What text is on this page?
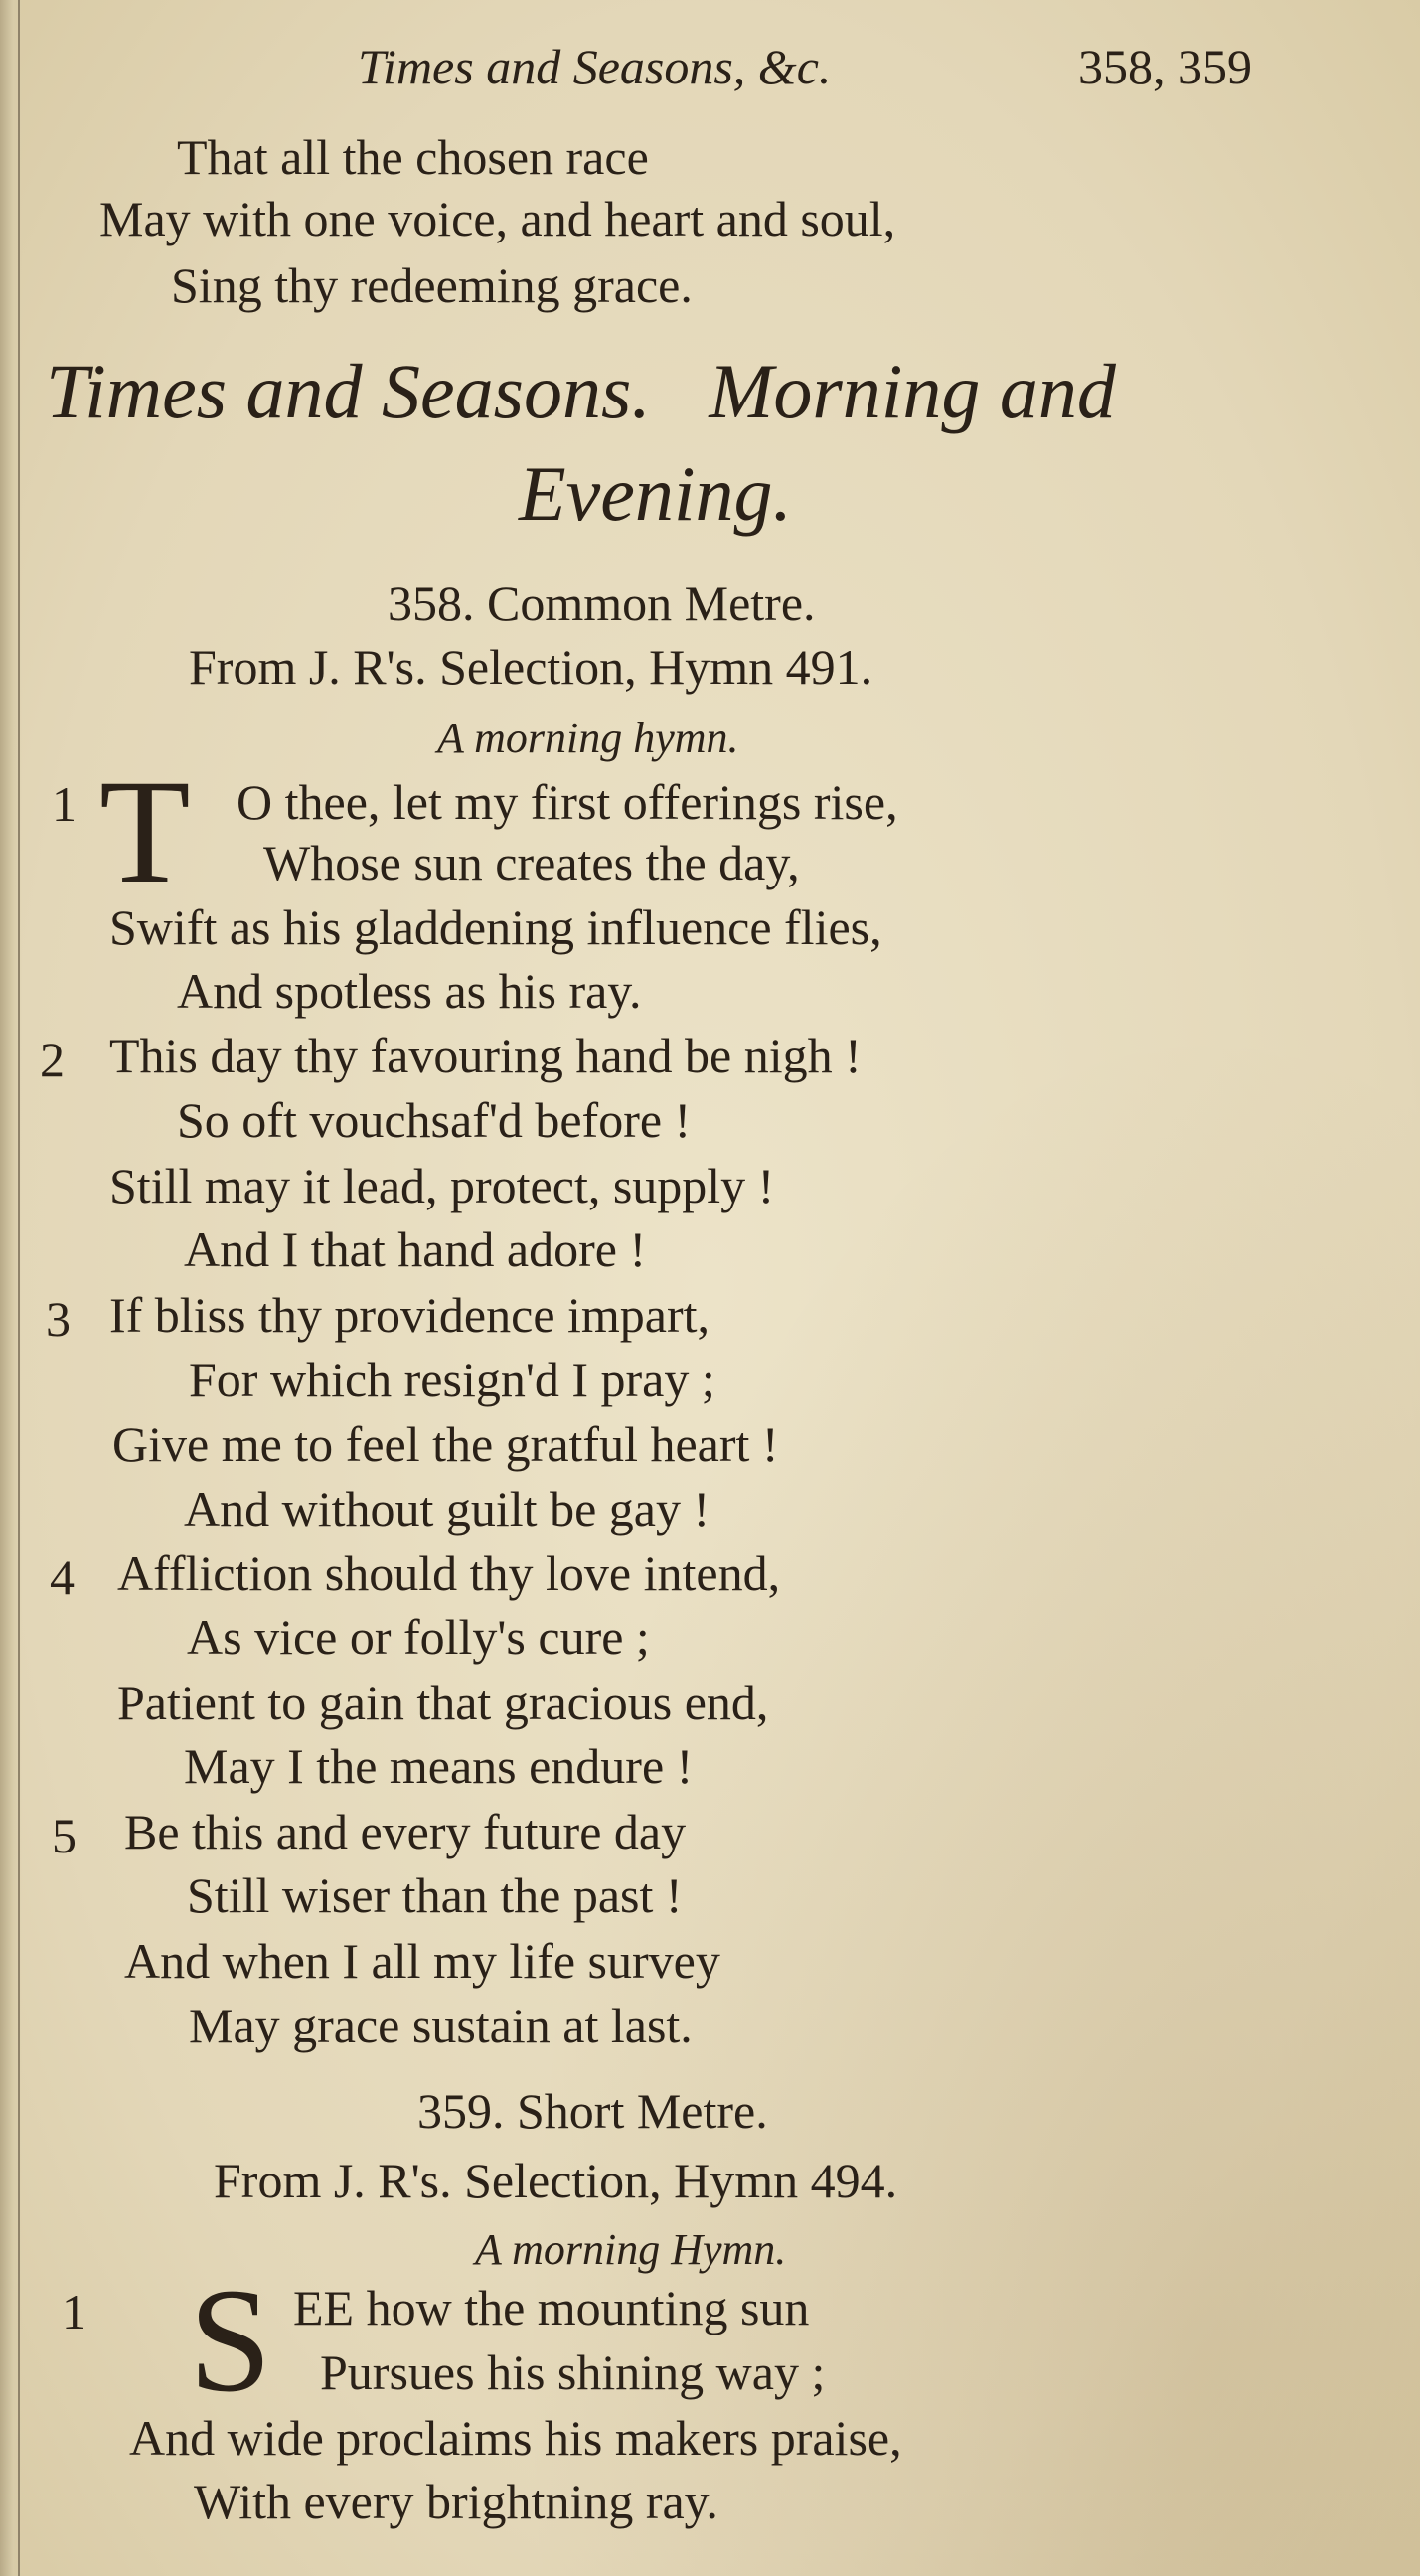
Times and Seasons, &c.	358, 359
That all the chosen race
May with one voice, and heart and soul,
Sing thy redeeming grace.
Times and Seasons.   Morning and
Evening.
358. Common Metre.
From J. R's. Selection, Hymn 491.
A morning hymn.
1 T O thee, let my first offerings rise,
Whose sun creates the day,
Swift as his gladdening influence flies,
And spotless as his ray.
2 This day thy favouring hand be nigh !
So oft vouchsaf'd before !
Still may it lead, protect, supply !
And I that hand adore !
3 If bliss thy providence impart,
For which resign'd I pray ;
Give me to feel the gratful heart !
And without guilt be gay !
4 Affliction should thy love intend,
As vice or folly's cure ;
Patient to gain that gracious end,
May I the means endure !
5 Be this and every future day
Still wiser than the past !
And when I all my life survey
May grace sustain at last.
359. Short Metre.
From J. R's. Selection, Hymn 494.
A morning Hymn.
1 S EE how the mounting sun
Pursues his shining way ;
And wide proclaims his makers praise,
With every brightning ray.
